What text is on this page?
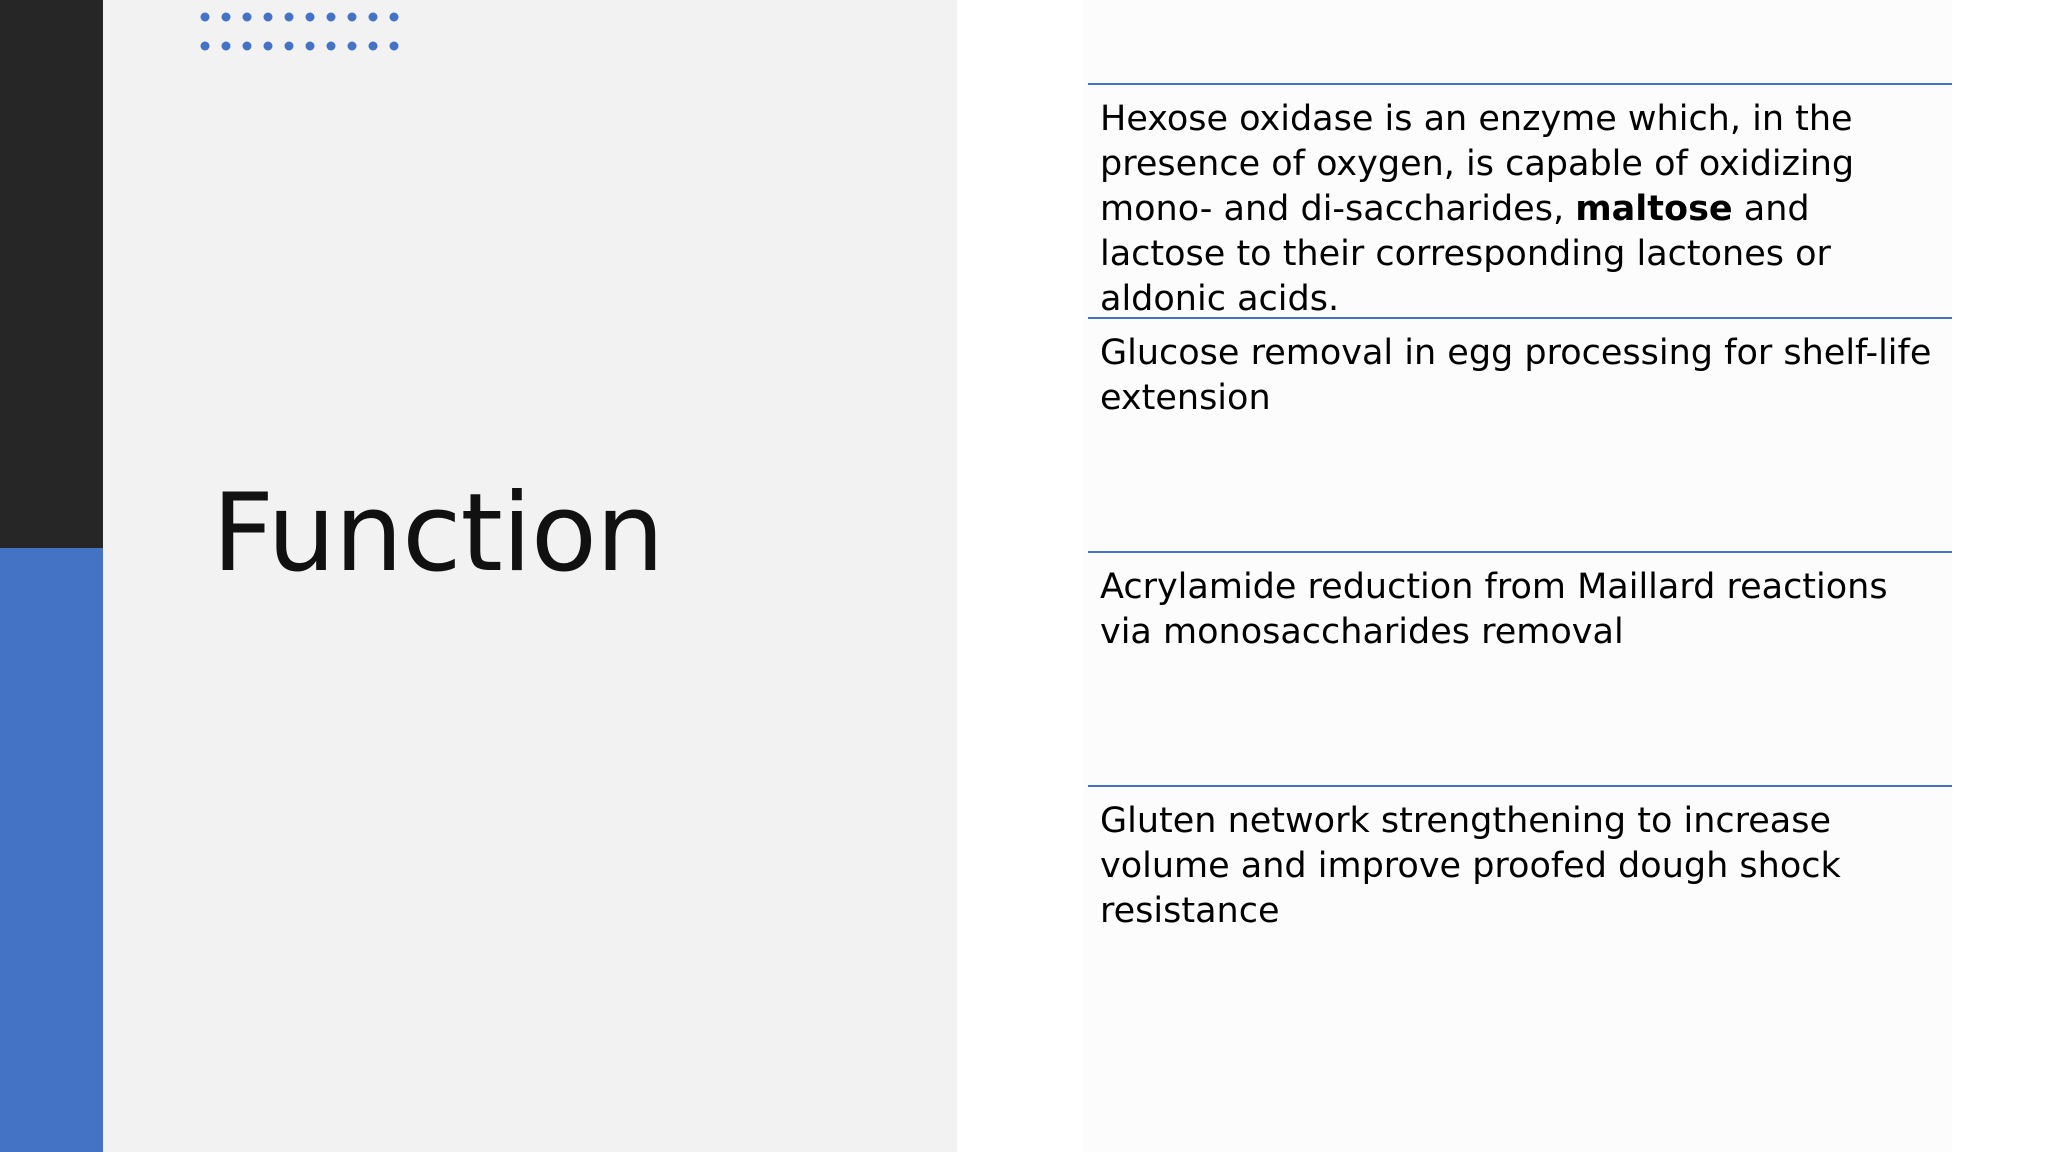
Function

Hexose oxidase is an enzyme which, in the presence of oxygen, is capable of oxidizing mono- and di-saccharides, maltose and lactose to their corresponding lactones or aldonic acids.

Glucose removal in egg processing for shelf-life extension

Acrylamide reduction from Maillard reactions via monosaccharides removal

Gluten network strengthening to increase volume and improve proofed dough shock resistance
